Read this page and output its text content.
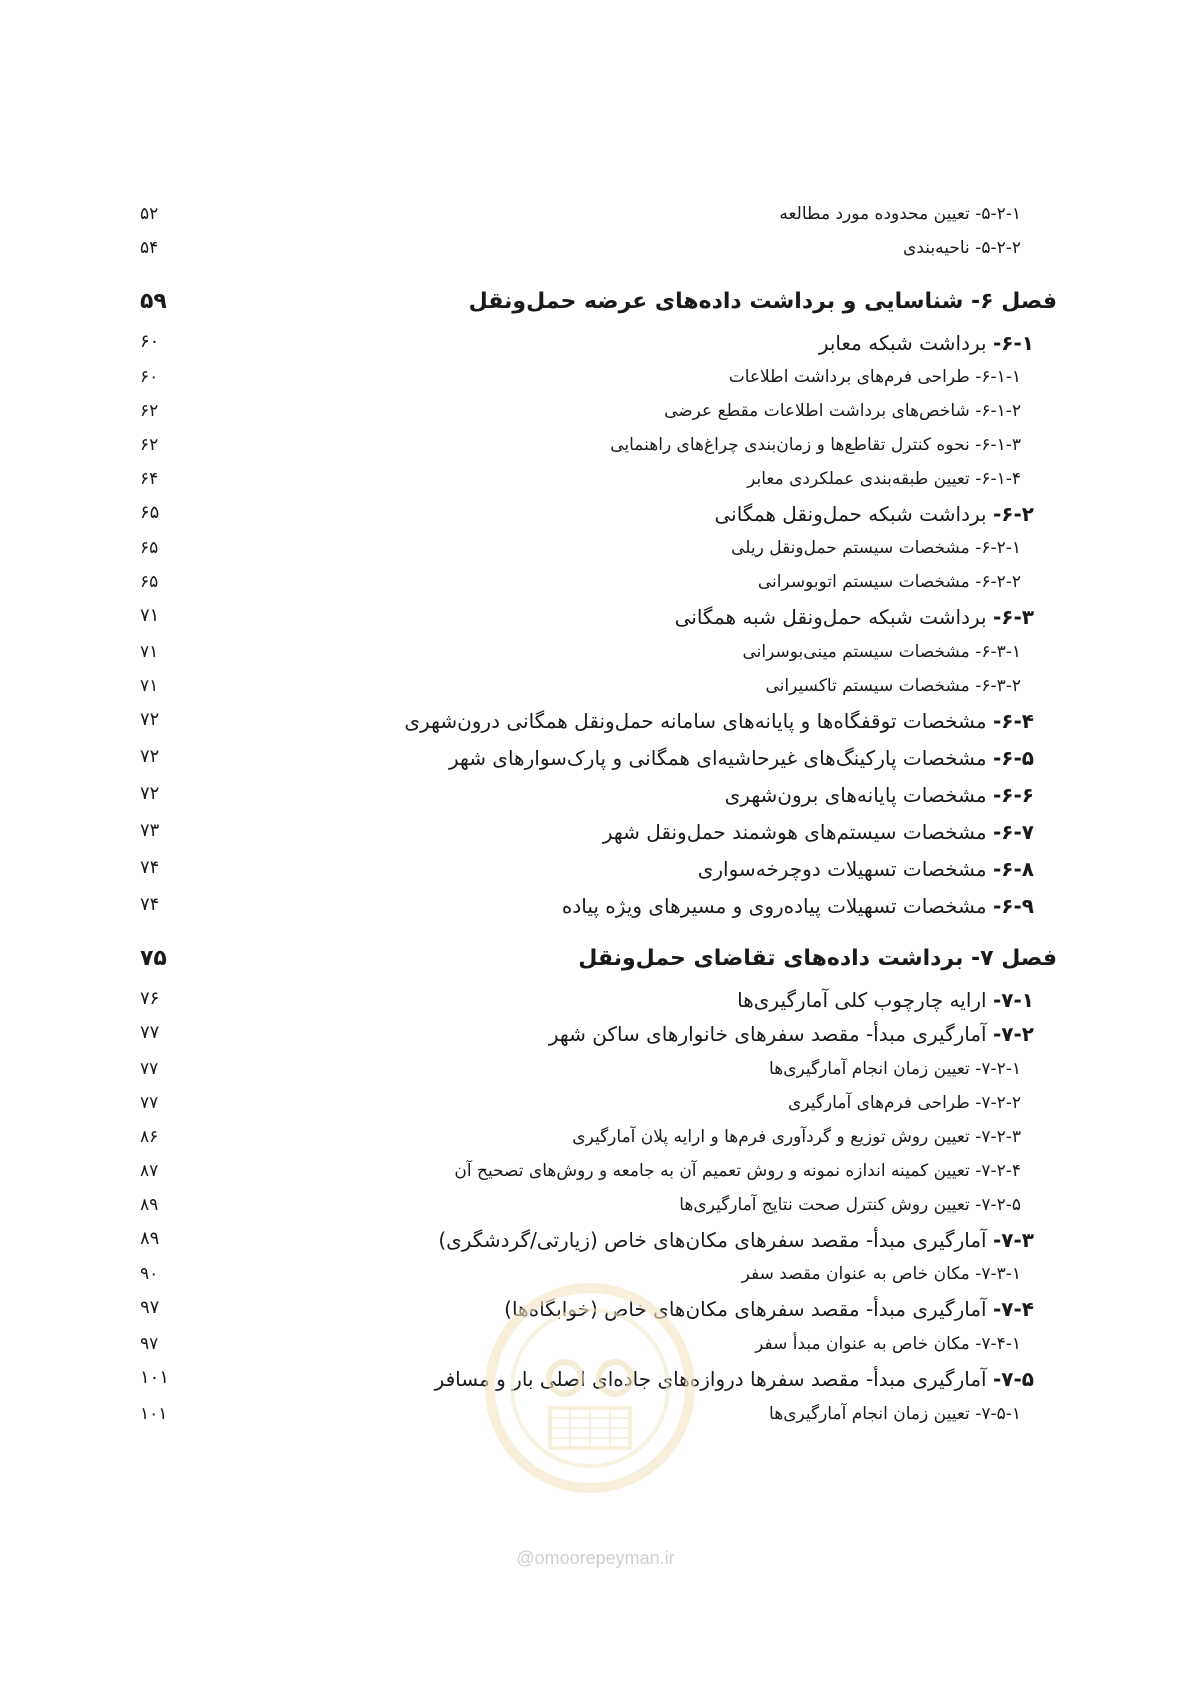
۵-۲-۱- تعیین محدوده مورد مطالعه
۵۲
۵-۲-۲- ناحیه‌بندی
۵۴
فصل ۶- شناسایی و برداشت داده‌های عرضه حمل‌ونقل
۵۹
۶-۱- برداشت شبکه معابر
۶۰
۶-۱-۱- طراحی فرم‌های برداشت اطلاعات
۶۰
۶-۱-۲- شاخص‌های برداشت اطلاعات مقطع عرضی
۶۲
۶-۱-۳- نحوه کنترل تقاطع‌ها و زمان‌بندی چراغ‌های راهنمایی
۶۲
۶-۱-۴- تعیین طبقه‌بندی عملکردی معابر
۶۴
۶-۲- برداشت شبکه حمل‌ونقل همگانی
۶۵
۶-۲-۱- مشخصات سیستم حمل‌ونقل ریلی
۶۵
۶-۲-۲- مشخصات سیستم اتوبوسرانی
۶۵
۶-۳- برداشت شبکه حمل‌ونقل شبه همگانی
۷۱
۶-۳-۱- مشخصات سیستم مینی‌بوسرانی
۷۱
۶-۳-۲- مشخصات سیستم تاکسیرانی
۷۱
۶-۴- مشخصات توقفگاه‌ها و پایانه‌های سامانه حمل‌ونقل همگانی درون‌شهری
۷۲
۶-۵- مشخصات پارکینگ‌های غیرحاشیه‌ای همگانی و پارک‌سوارهای شهر
۷۲
۶-۶- مشخصات پایانه‌های برون‌شهری
۷۲
۶-۷- مشخصات سیستم‌های هوشمند حمل‌ونقل شهر
۷۳
۶-۸- مشخصات تسهیلات دوچرخه‌سواری
۷۴
۶-۹- مشخصات تسهیلات پیاده‌روی و مسیرهای ویژه پیاده
۷۴
فصل ۷- برداشت داده‌های تقاضای حمل‌ونقل
۷۵
۷-۱- ارایه چارچوب کلی آمارگیری‌ها
۷۶
۷-۲- آمارگیری مبدأ- مقصد سفرهای خانوارهای ساکن شهر
۷۷
۷-۲-۱- تعیین زمان انجام آمارگیری‌ها
۷۷
۷-۲-۲- طراحی فرم‌های آمارگیری
۷۷
۷-۲-۳- تعیین روش توزیع و گردآوری فرم‌ها و ارایه پلان آمارگیری
۸۶
۷-۲-۴- تعیین کمینه اندازه نمونه و روش تعمیم آن به جامعه و روش‌های تصحیح آن
۸۷
۷-۲-۵- تعیین روش کنترل صحت نتایج آمارگیری‌ها
۸۹
۷-۳- آمارگیری مبدأ- مقصد سفرهای مکان‌های خاص (زیارتی/گردشگری)
۸۹
۷-۳-۱- مکان خاص به عنوان مقصد سفر
۹۰
۷-۴- آمارگیری مبدأ- مقصد سفرهای مکان‌های خاص (خوابگاه‌ها)
۹۷
۷-۴-۱- مکان خاص به عنوان مبدأ سفر
۹۷
۷-۵- آمارگیری مبدأ- مقصد سفرها دروازه‌های جاده‌ای اصلی بار و مسافر
۱۰۱
۷-۵-۱- تعیین زمان انجام آمارگیری‌ها
۱۰۱
@omoorepeyman.ir
